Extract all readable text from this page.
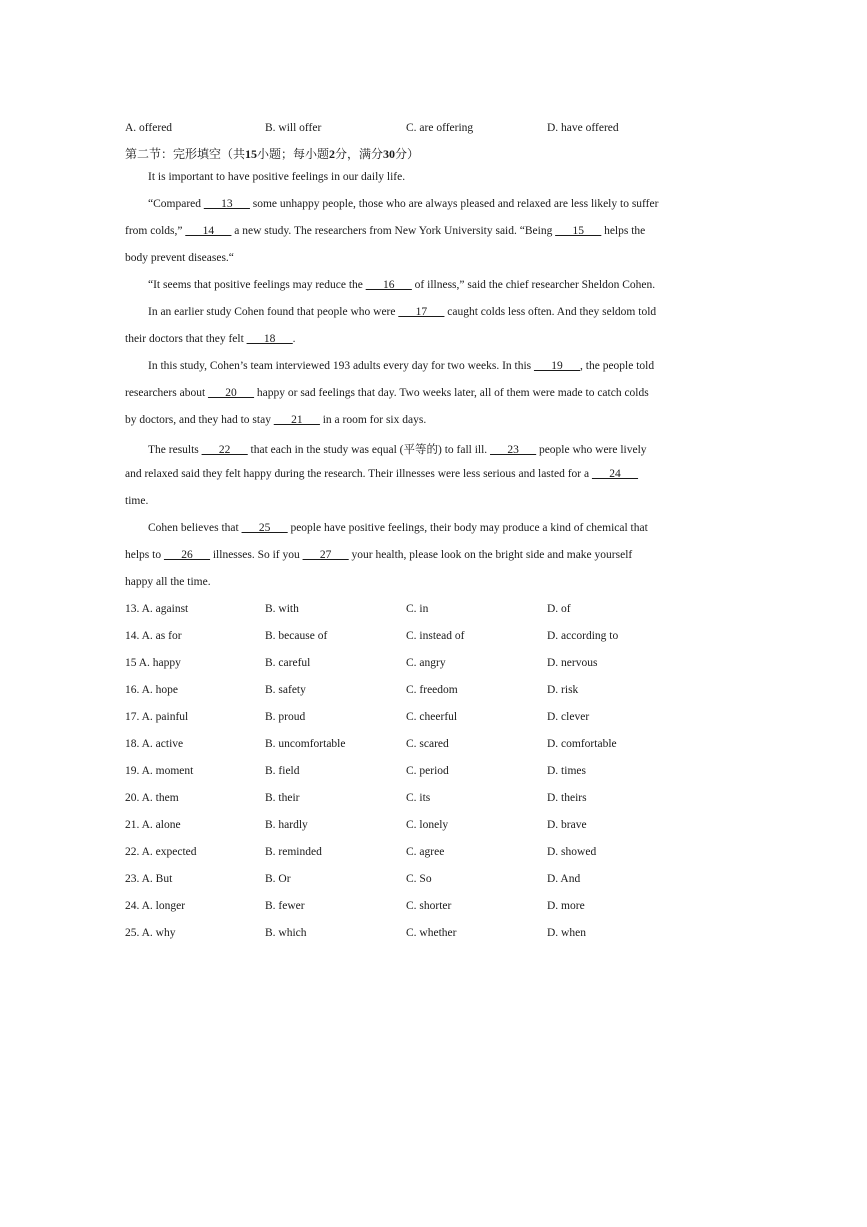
A. offered	B. will offer	C. are offering	D. have offered
第二节：完形填空（共15小题；每小题2分，满分30分）
It is important to have positive feelings in our daily life.
“Compared ___13___ some unhappy people, those who are always pleased and relaxed are less likely to suffer
from colds,” ___14___ a new study. The researchers from New York University said. “Being ___15___ helps the
body prevent diseases.“
“It seems that positive feelings may reduce the ___16___ of illness,” said the chief researcher Sheldon Cohen.
In an earlier study Cohen found that people who were ___17___ caught colds less often. And they seldom told
their doctors that they felt ___18___.
In this study, Cohen’s team interviewed 193 adults every day for two weeks. In this ___19___, the people told
researchers about ___20___ happy or sad feelings that day. Two weeks later, all of them were made to catch colds
by doctors, and they had to stay ___21___ in a room for six days.
The results ___22___ that each in the study was equal (平等的) to fall ill. ___23___ people who were lively
and relaxed said they felt happy during the research. Their illnesses were less serious and lasted for a ___24___
time.
Cohen believes that ___25___ people have positive feelings, their body may produce a kind of chemical that
helps to ___26___ illnesses. So if you ___27___ your health, please look on the bright side and make yourself
happy all the time.
13. A. against	B. with	C. in	D. of
14. A. as for	B. because of	C. instead of	D. according to
15 A. happy	B. careful	C. angry	D. nervous
16. A. hope	B. safety	C. freedom	D. risk
17. A. painful	B. proud	C. cheerful	D. clever
18. A. active	B. uncomfortable	C. scared	D. comfortable
19. A. moment	B. field	C. period	D. times
20. A. them	B. their	C. its	D. theirs
21. A. alone	B. hardly	C. lonely	D. brave
22. A. expected	B. reminded	C. agree	D. showed
23. A. But	B. Or	C. So	D. And
24. A. longer	B. fewer	C. shorter	D. more
25. A. why	B. which	C. whether	D. when
